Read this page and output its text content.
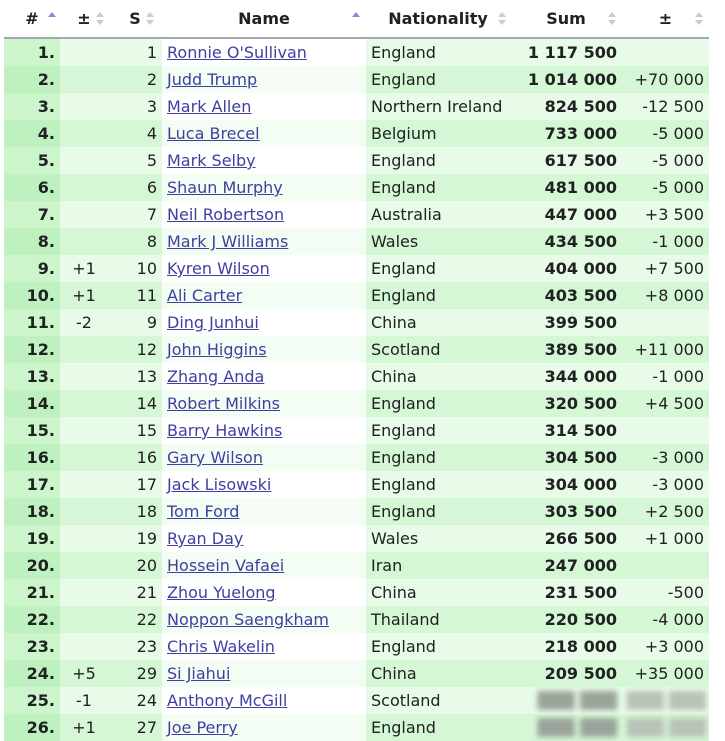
#	±	S	Name	Nationality	Sum	±

1.		1	Ronnie O'Sullivan	England	1 117 500	
2.		2	Judd Trump	England	1 014 000	+70 000
3.		3	Mark Allen	Northern Ireland	824 500	-12 500
4.		4	Luca Brecel	Belgium	733 000	-5 000
5.		5	Mark Selby	England	617 500	-5 000
6.		6	Shaun Murphy	England	481 000	-5 000
7.		7	Neil Robertson	Australia	447 000	+3 500
8.		8	Mark J Williams	Wales	434 500	-1 000
9.	+1	10	Kyren Wilson	England	404 000	+7 500
10.	+1	11	Ali Carter	England	403 500	+8 000
11.	-2	9	Ding Junhui	China	399 500	
12.		12	John Higgins	Scotland	389 500	+11 000
13.		13	Zhang Anda	China	344 000	-1 000
14.		14	Robert Milkins	England	320 500	+4 500
15.		15	Barry Hawkins	England	314 500	
16.		16	Gary Wilson	England	304 500	-3 000
17.		17	Jack Lisowski	England	304 000	-3 000
18.		18	Tom Ford	England	303 500	+2 500
19.		19	Ryan Day	Wales	266 500	+1 000
20.		20	Hossein Vafaei	Iran	247 000	
21.		21	Zhou Yuelong	China	231 500	-500
22.		22	Noppon Saengkham	Thailand	220 500	-4 000
23.		23	Chris Wakelin	England	218 000	+3 000
24.	+5	29	Si Jiahui	China	209 500	+35 000
25.	-1	24	Anthony McGill	Scotland	███ ███	███ ███
26.	+1	27	Joe Perry	England	███ ███	███ ███
